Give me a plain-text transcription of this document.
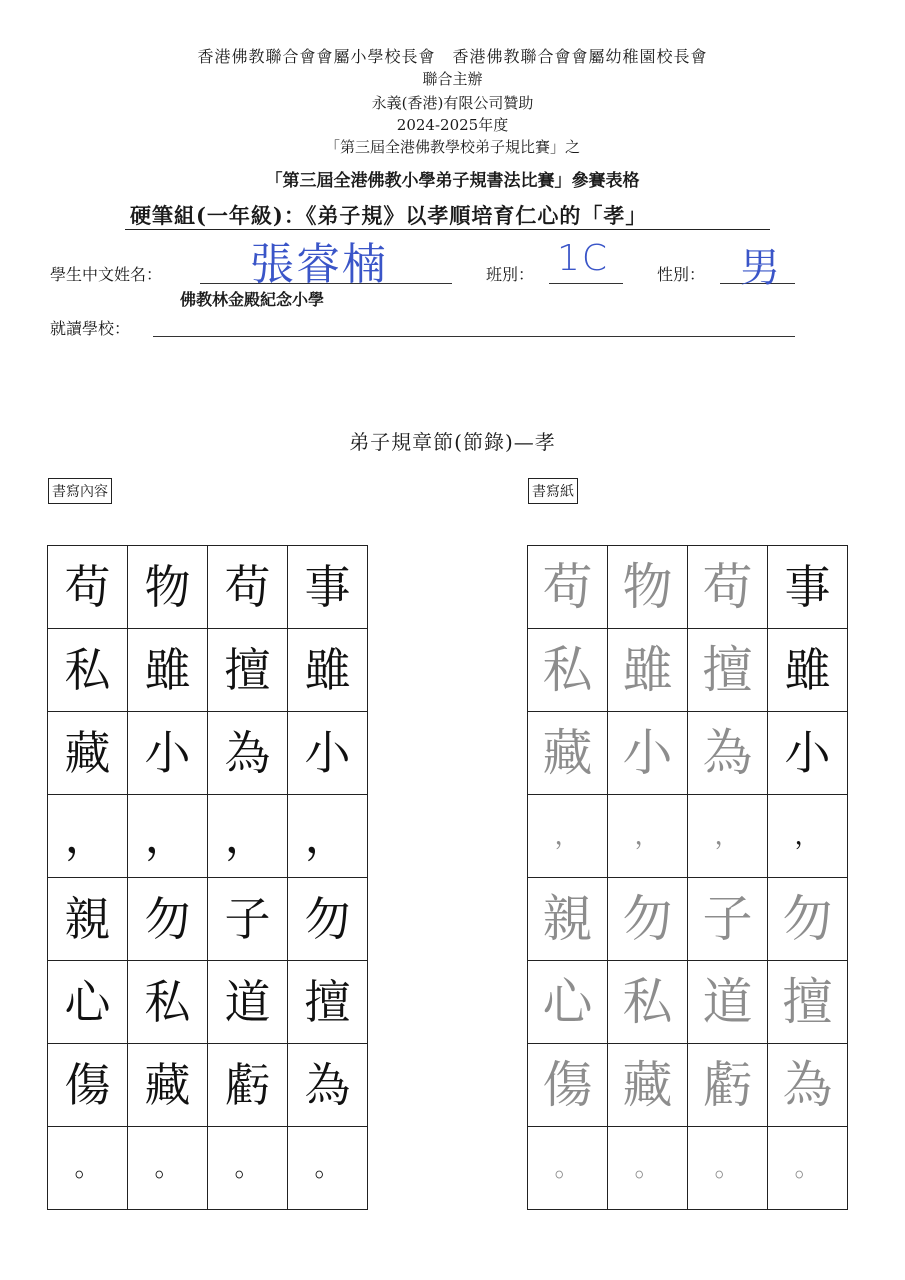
香港佛教聯合會會屬小學校長會　香港佛教聯合會會屬幼稚園校長會
聯合主辦
永義(香港)有限公司贊助
2024-2025年度
「第三屆全港佛教學校弟子規比賽」之
「第三屆全港佛教小學弟子規書法比賽」參賽表格
硬筆組(一年級)：《弟子規》以孝順培育仁心的「孝」
學生中文姓名： 張睿楠	班別： 1C	性別： 男
佛教林金殿紀念小學
就讀學校：
弟子規章節(節錄)—孝
書寫內容	書寫紙
苟 物 苟 事
私 雖 擅 雖
藏 小 為 小
， ， ， ，
親 勿 子 勿
心 私 道 擅
傷 藏 虧 為
。	。	。	。
苟 物 苟 事
私 雖 擅 雖
藏 小 為 小
，	，	，	，
親 勿 子 勿
心 私 道 擅
傷 藏 虧 為
。	。	。	。
